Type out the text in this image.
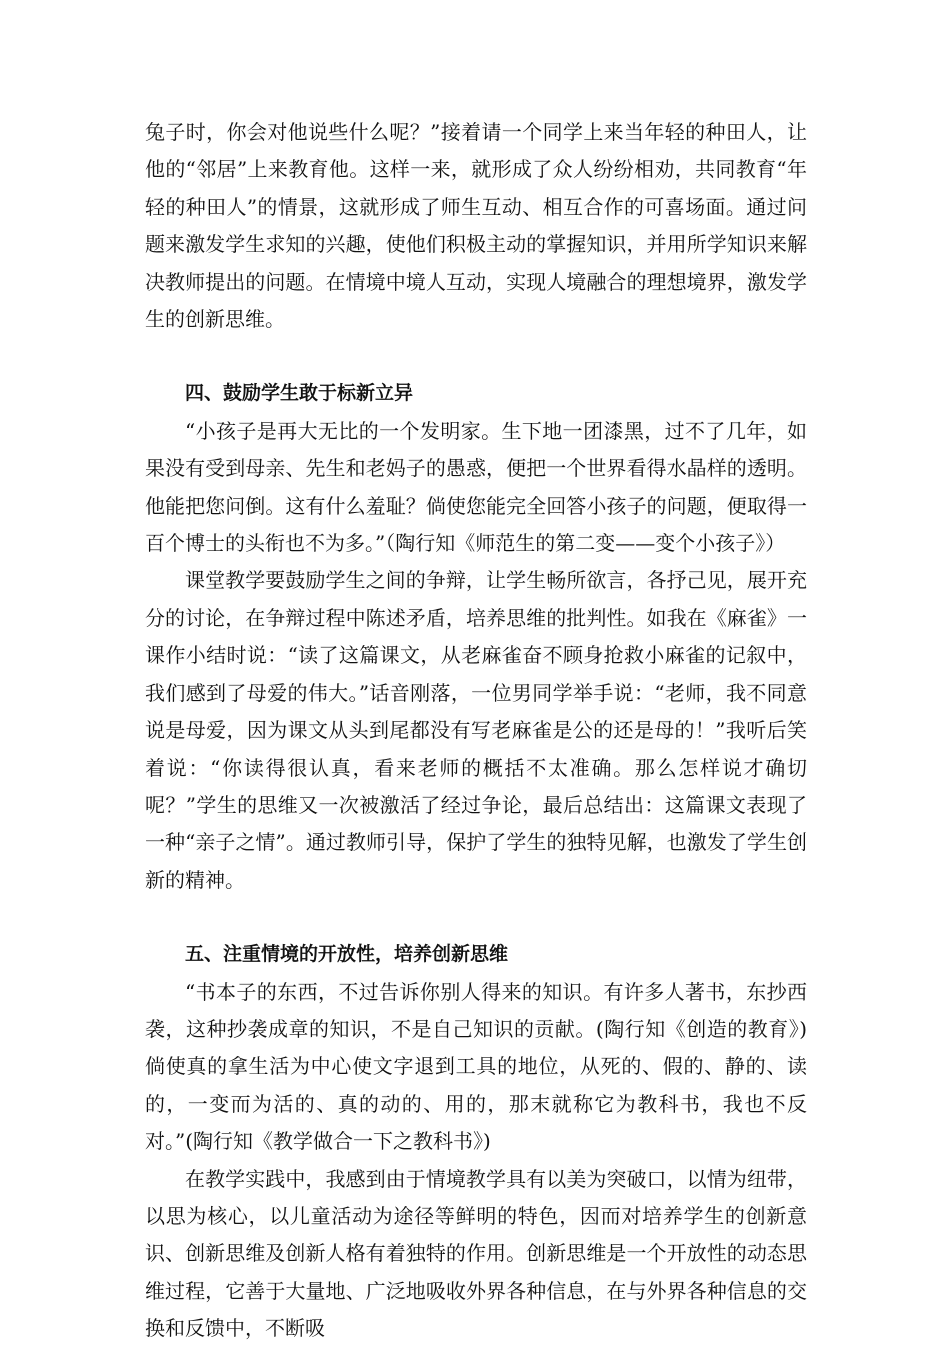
兔子时，你会对他说些什么呢？”接着请一个同学上来当年轻的种田人，让他的“邻居”上来教育他。这样一来，就形成了众人纷纷相劝，共同教育“年轻的种田人”的情景，这就形成了师生互动、相互合作的可喜场面。通过问题来激发学生求知的兴趣，使他们积极主动的掌握知识，并用所学知识来解决教师提出的问题。在情境中境人互动，实现人境融合的理想境界，激发学生的创新思维。

四、鼓励学生敢于标新立异

“小孩子是再大无比的一个发明家。生下地一团漆黑，过不了几年，如果没有受到母亲、先生和老妈子的愚惑，便把一个世界看得水晶样的透明。他能把您问倒。这有什么羞耻？倘使您能完全回答小孩子的问题，便取得一百个博士的头衔也不为多。”（陶行知《师范生的第二变——变个小孩子》）

课堂教学要鼓励学生之间的争辩，让学生畅所欲言，各抒己见，展开充分的讨论，在争辩过程中陈述矛盾，培养思维的批判性。如我在《麻雀》一课作小结时说：“读了这篇课文，从老麻雀奋不顾身抢救小麻雀的记叙中，我们感到了母爱的伟大。”话音刚落，一位男同学举手说：“老师，我不同意说是母爱，因为课文从头到尾都没有写老麻雀是公的还是母的！”我听后笑着说：“你读得很认真，看来老师的概括不太准确。那么怎样说才确切呢？”学生的思维又一次被激活了经过争论，最后总结出：这篇课文表现了一种“亲子之情”。通过教师引导，保护了学生的独特见解，也激发了学生创新的精神。

五、注重情境的开放性，培养创新思维

“书本子的东西，不过告诉你别人得来的知识。有许多人著书，东抄西袭，这种抄袭成章的知识，不是自己知识的贡献。(陶行知《创造的教育》)倘使真的拿生活为中心使文字退到工具的地位，从死的、假的、静的、读的，一变而为活的、真的动的、用的，那末就称它为教科书，我也不反对。”(陶行知《教学做合一下之教科书》)

在教学实践中，我感到由于情境教学具有以美为突破口，以情为纽带，以思为核心，以儿童活动为途径等鲜明的特色，因而对培养学生的创新意识、创新思维及创新人格有着独特的作用。创新思维是一个开放性的动态思维过程，它善于大量地、广泛地吸收外界各种信息，在与外界各种信息的交换和反馈中，不断吸
